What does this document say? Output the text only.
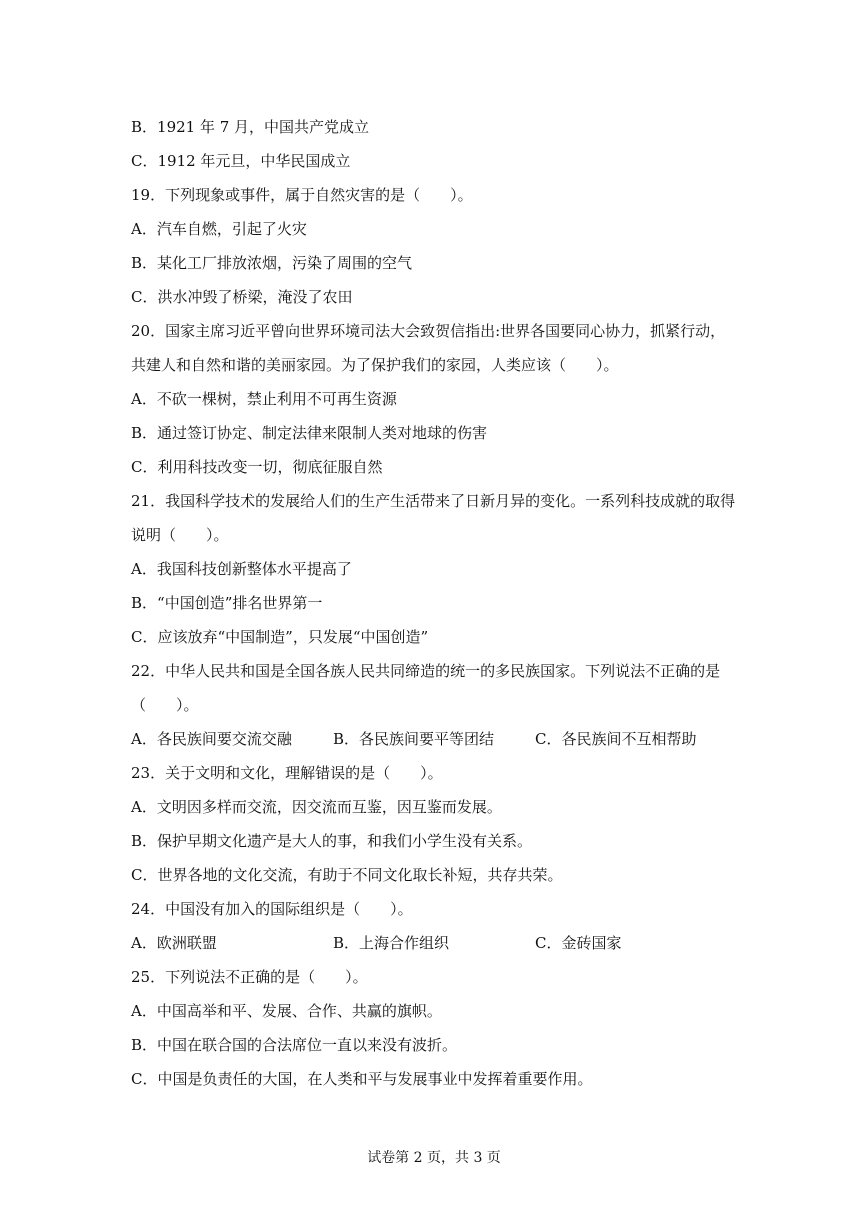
B．1921 年 7 月，中国共产党成立
C．1912 年元旦，中华民国成立
19．下列现象或事件，属于自然灾害的是（　　）。
A．汽车自燃，引起了火灾
B．某化工厂排放浓烟，污染了周围的空气
C．洪水冲毁了桥梁，淹没了农田
20．国家主席习近平曾向世界环境司法大会致贺信指出:世界各国要同心协力，抓紧行动，
共建人和自然和谐的美丽家园。为了保护我们的家园，人类应该（　　）。
A．不砍一棵树，禁止利用不可再生资源
B．通过签订协定、制定法律来限制人类对地球的伤害
C．利用科技改变一切，彻底征服自然
21．我国科学技术的发展给人们的生产生活带来了日新月异的变化。一系列科技成就的取得
说明（　　）。
A．我国科技创新整体水平提高了
B．“中国创造”排名世界第一
C．应该放弃“中国制造”，只发展“中国创造”
22．中华人民共和国是全国各族人民共同缔造的统一的多民族国家。下列说法不正确的是
（　　）。
A．各民族间要交流交融	B．各民族间要平等团结	C．各民族间不互相帮助
23．关于文明和文化，理解错误的是（　　）。
A．文明因多样而交流，因交流而互鉴，因互鉴而发展。
B．保护早期文化遗产是大人的事，和我们小学生没有关系。
C．世界各地的文化交流，有助于不同文化取长补短，共存共荣。
24．中国没有加入的国际组织是（　　）。
A．欧洲联盟	B．上海合作组织	C．金砖国家
25．下列说法不正确的是（　　）。
A．中国高举和平、发展、合作、共赢的旗帜。
B．中国在联合国的合法席位一直以来没有波折。
C．中国是负责任的大国，在人类和平与发展事业中发挥着重要作用。
试卷第 2 页，共 3 页
